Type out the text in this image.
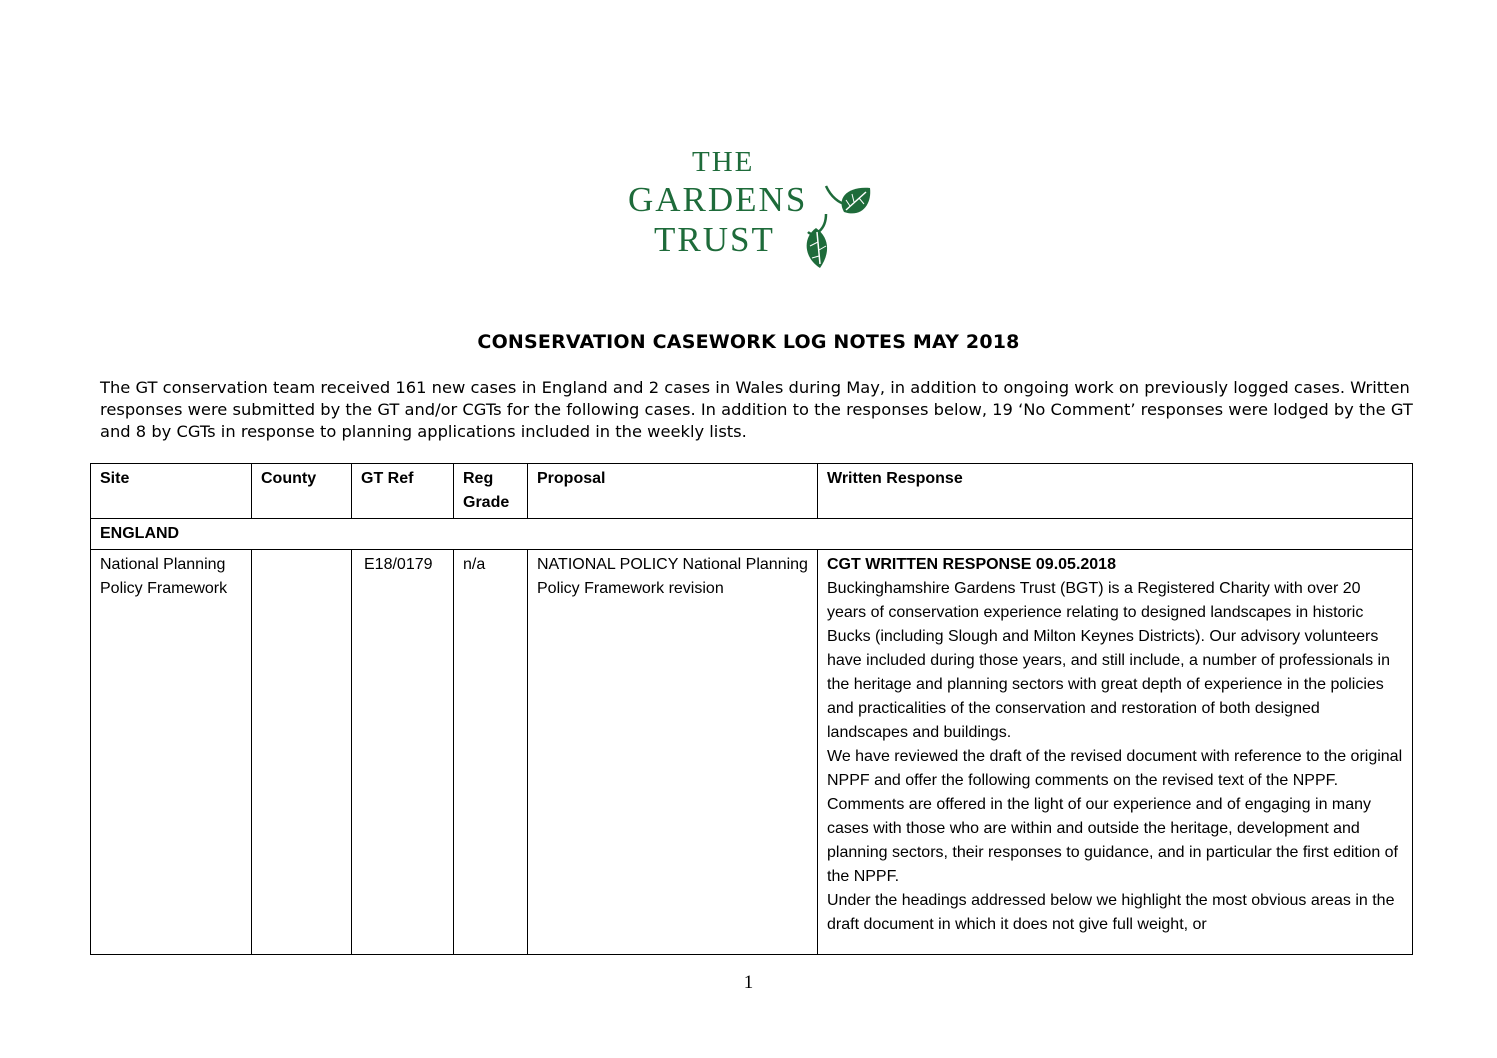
THE
GARDENS
TRUST
CONSERVATION CASEWORK LOG NOTES MAY 2018
The GT conservation team received 161 new cases in England and 2 cases in Wales during May, in addition to ongoing work on previously logged cases. Written responses were submitted by the GT and/or CGTs for the following cases. In addition to the responses below, 19 ‘No Comment’ responses were lodged by the GT and 8 by CGTs in response to planning applications included in the weekly lists.
Site	County	GT Ref	Reg Grade	Proposal	Written Response
ENGLAND					
National Planning Policy Framework		E18/0179	n/a	NATIONAL POLICY National Planning Policy Framework revision	CGT WRITTEN RESPONSE 09.05.2018
Buckinghamshire Gardens Trust (BGT) is a Registered Charity with over 20 years of conservation experience relating to designed landscapes in historic Bucks (including Slough and Milton Keynes Districts). Our advisory volunteers have included during those years, and still include, a number of professionals in the heritage and planning sectors with great depth of experience in the policies and practicalities of the conservation and restoration of both designed landscapes and buildings.
We have reviewed the draft of the revised document with reference to the original NPPF and offer the following comments on the revised text of the NPPF. Comments are offered in the light of our experience and of engaging in many cases with those who are within and outside the heritage, development and planning sectors, their responses to guidance, and in particular the first edition of the NPPF.
Under the headings addressed below we highlight the most obvious areas in the draft document in which it does not give full weight, or
1
